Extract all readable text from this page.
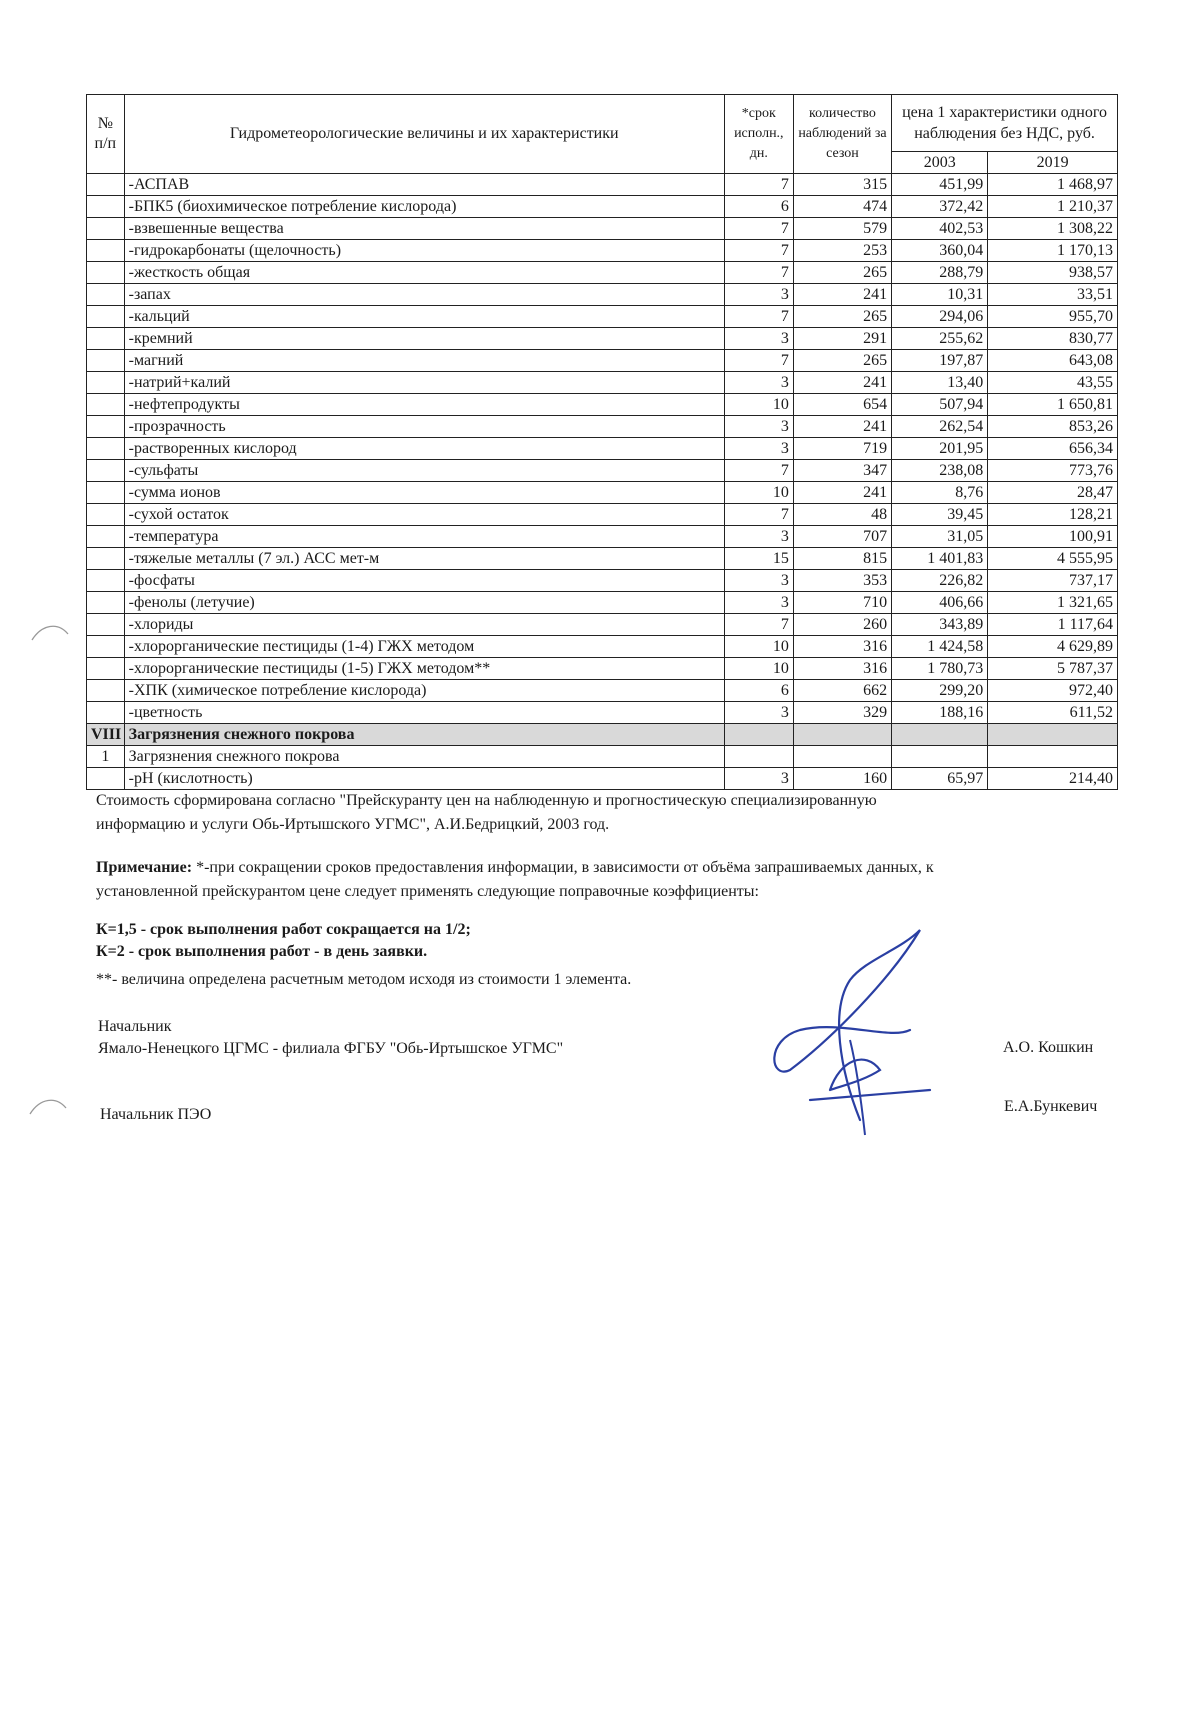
№ п/п	Гидрометеорологические величины и их характеристики	*срок исполн., дн.	количество наблюдений за сезон	цена 1 характеристики одного наблюдения без НДС, руб.	
				2003	2019
	-АСПАВ	7	315	451,99	1 468,97
	-БПК5 (биохимическое потребление кислорода)	6	474	372,42	1 210,37
	-взвешенные вещества	7	579	402,53	1 308,22
	-гидрокарбонаты (щелочность)	7	253	360,04	1 170,13
	-жесткость общая	7	265	288,79	938,57
	-запах	3	241	10,31	33,51
	-кальций	7	265	294,06	955,70
	-кремний	3	291	255,62	830,77
	-магний	7	265	197,87	643,08
	-натрий+калий	3	241	13,40	43,55
	-нефтепродукты	10	654	507,94	1 650,81
	-прозрачность	3	241	262,54	853,26
	-растворенных кислород	3	719	201,95	656,34
	-сульфаты	7	347	238,08	773,76
	-сумма ионов	10	241	8,76	28,47
	-сухой остаток	7	48	39,45	128,21
	-температура	3	707	31,05	100,91
	-тяжелые металлы (7 эл.) АСС мет-м	15	815	1 401,83	4 555,95
	-фосфаты	3	353	226,82	737,17
	-фенолы (летучие)	3	710	406,66	1 321,65
	-хлориды	7	260	343,89	1 117,64
	-хлорорганические пестициды (1-4) ГЖХ методом	10	316	1 424,58	4 629,89
	-хлорорганические пестициды (1-5) ГЖХ методом**	10	316	1 780,73	5 787,37
	-ХПК (химическое потребление кислорода)	6	662	299,20	972,40
	-цветность	3	329	188,16	611,52
VIII	Загрязнения снежного покрова				
1	Загрязнения снежного покрова				
	-рН (кислотность)	3	160	65,97	214,40
Стоимость сформирована согласно "Прейскуранту цен на наблюденную и прогностическую специализированную
информацию и услуги Обь-Иртышского УГМС", А.И.Бедрицкий, 2003 год.
Примечание: *-при сокращении сроков предоставления информации, в зависимости от объёма запрашиваемых данных, к
установленной прейскурантом цене следует применять следующие поправочные коэффициенты:
К=1,5 - срок выполнения работ сокращается на 1/2;
К=2 - срок выполнения работ - в день заявки.
**- величина определена расчетным методом исходя из стоимости 1 элемента.
Начальник
Ямало-Ненецкого ЦГМС - филиала ФГБУ "Обь-Иртышское УГМС"	А.О. Кошкин
Начальник ПЭО	Е.А.Бункевич
